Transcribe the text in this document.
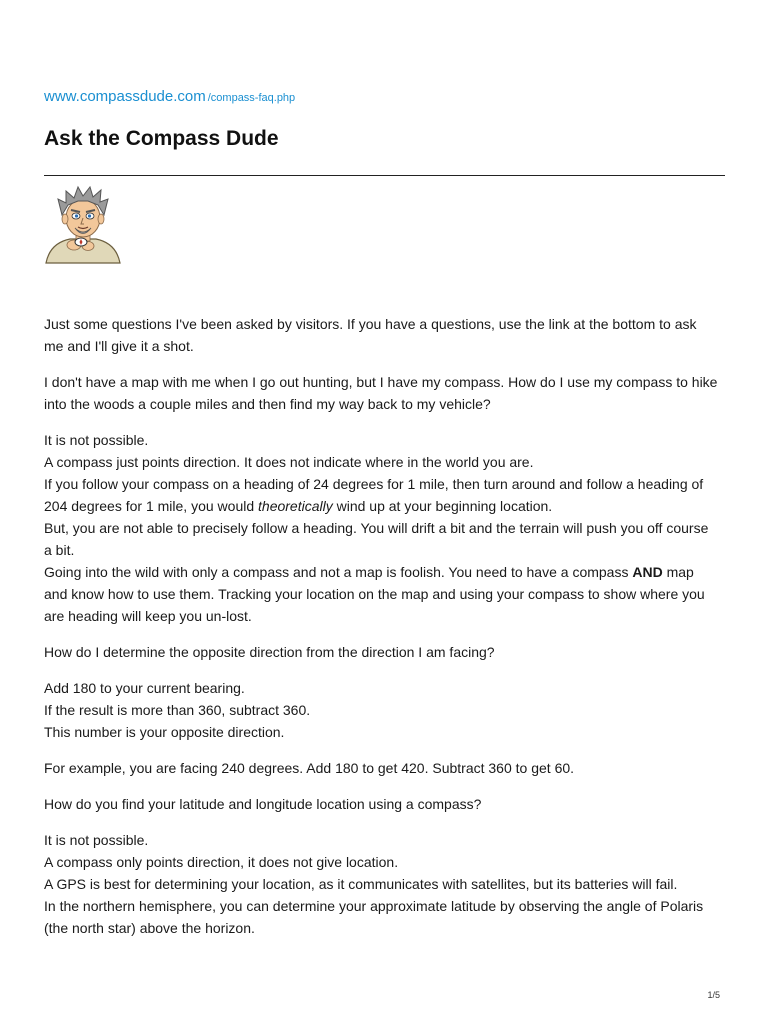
www.compassdude.com /compass-faq.php
Ask the Compass Dude

Just some questions I've been asked by visitors. If you have a questions, use the link at the bottom to ask
me and I'll give it a shot.

I don't have a map with me when I go out hunting, but I have my compass. How do I use my compass to hike
into the woods a couple miles and then find my way back to my vehicle?

It is not possible.
A compass just points direction. It does not indicate where in the world you are.
If you follow your compass on a heading of 24 degrees for 1 mile, then turn around and follow a heading of
204 degrees for 1 mile, you would theoretically wind up at your beginning location.
But, you are not able to precisely follow a heading. You will drift a bit and the terrain will push you off course
a bit.
Going into the wild with only a compass and not a map is foolish. You need to have a compass AND map
and know how to use them. Tracking your location on the map and using your compass to show where you
are heading will keep you un-lost.

How do I determine the opposite direction from the direction I am facing?

Add 180 to your current bearing.
If the result is more than 360, subtract 360.
This number is your opposite direction.

For example, you are facing 240 degrees. Add 180 to get 420. Subtract 360 to get 60.

How do you find your latitude and longitude location using a compass?

It is not possible.
A compass only points direction, it does not give location.
A GPS is best for determining your location, as it communicates with satellites, but its batteries will fail.
In the northern hemisphere, you can determine your approximate latitude by observing the angle of Polaris
(the north star) above the horizon.

1/5
